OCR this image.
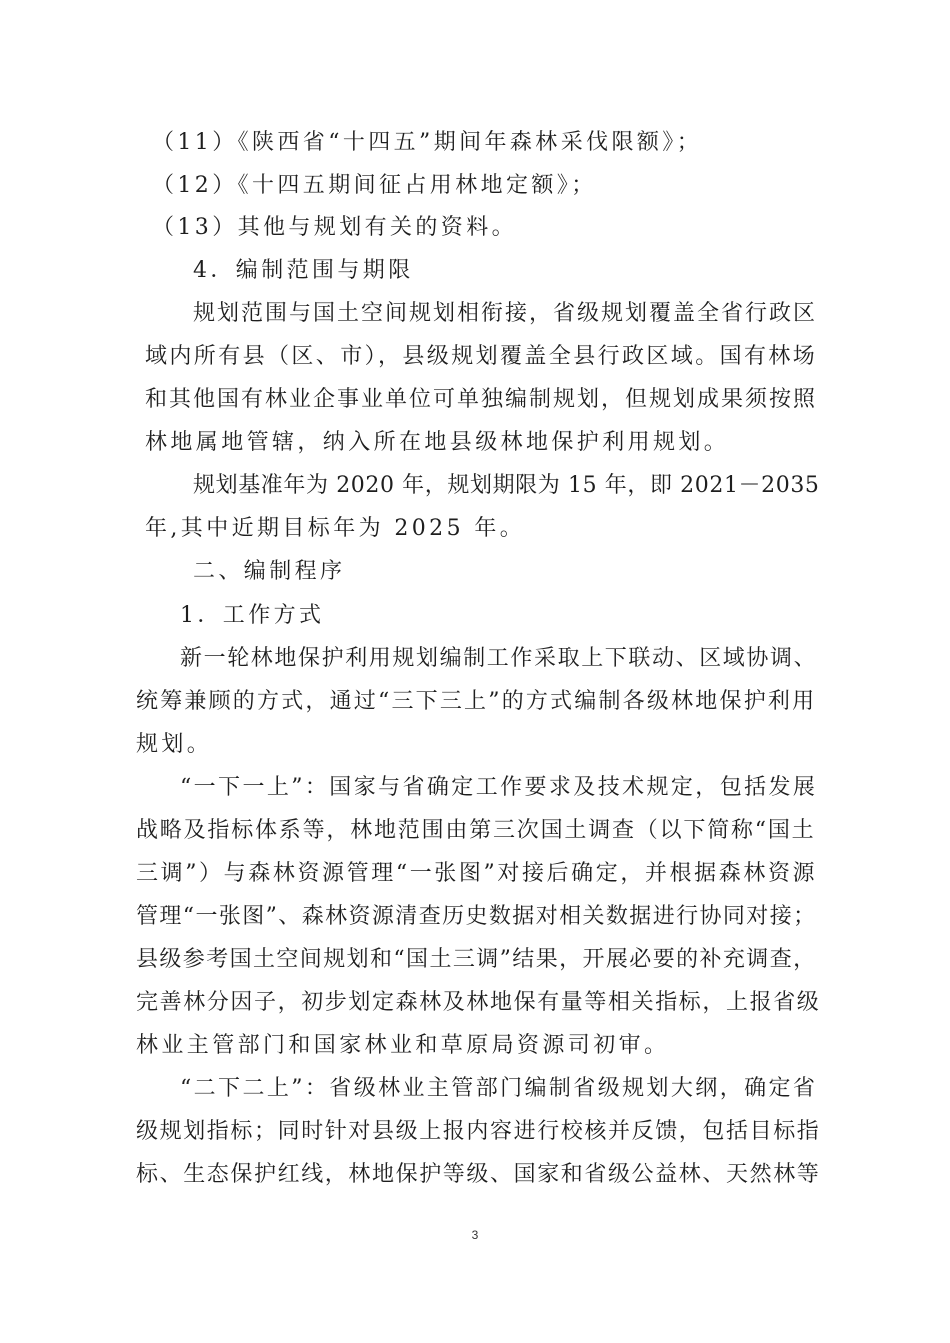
（11）《陕西省“十四五”期间年森林采伐限额》；
（12）《十四五期间征占用林地定额》；
（13）其他与规划有关的资料。
4．编制范围与期限
规划范围与国土空间规划相衔接，省级规划覆盖全省行政区
域内所有县（区、市），县级规划覆盖全县行政区域。国有林场
和其他国有林业企事业单位可单独编制规划，但规划成果须按照
林地属地管辖，纳入所在地县级林地保护利用规划。
规划基准年为 2020 年，规划期限为 15 年，即 2021－2035
年,其中近期目标年为 2025 年。
二、编制程序
1．工作方式
新一轮林地保护利用规划编制工作采取上下联动、区域协调、
统筹兼顾的方式，通过“三下三上”的方式编制各级林地保护利用
规划。
“一下一上”：国家与省确定工作要求及技术规定，包括发展
战略及指标体系等，林地范围由第三次国土调查（以下简称“国土
三调”）与森林资源管理“一张图”对接后确定，并根据森林资源
管理“一张图”、森林资源清查历史数据对相关数据进行协同对接；
县级参考国土空间规划和“国土三调”结果，开展必要的补充调查，
完善林分因子，初步划定森林及林地保有量等相关指标，上报省级
林业主管部门和国家林业和草原局资源司初审。
“二下二上”：省级林业主管部门编制省级规划大纲，确定省
级规划指标；同时针对县级上报内容进行校核并反馈，包括目标指
标、生态保护红线，林地保护等级、国家和省级公益林、天然林等
3
